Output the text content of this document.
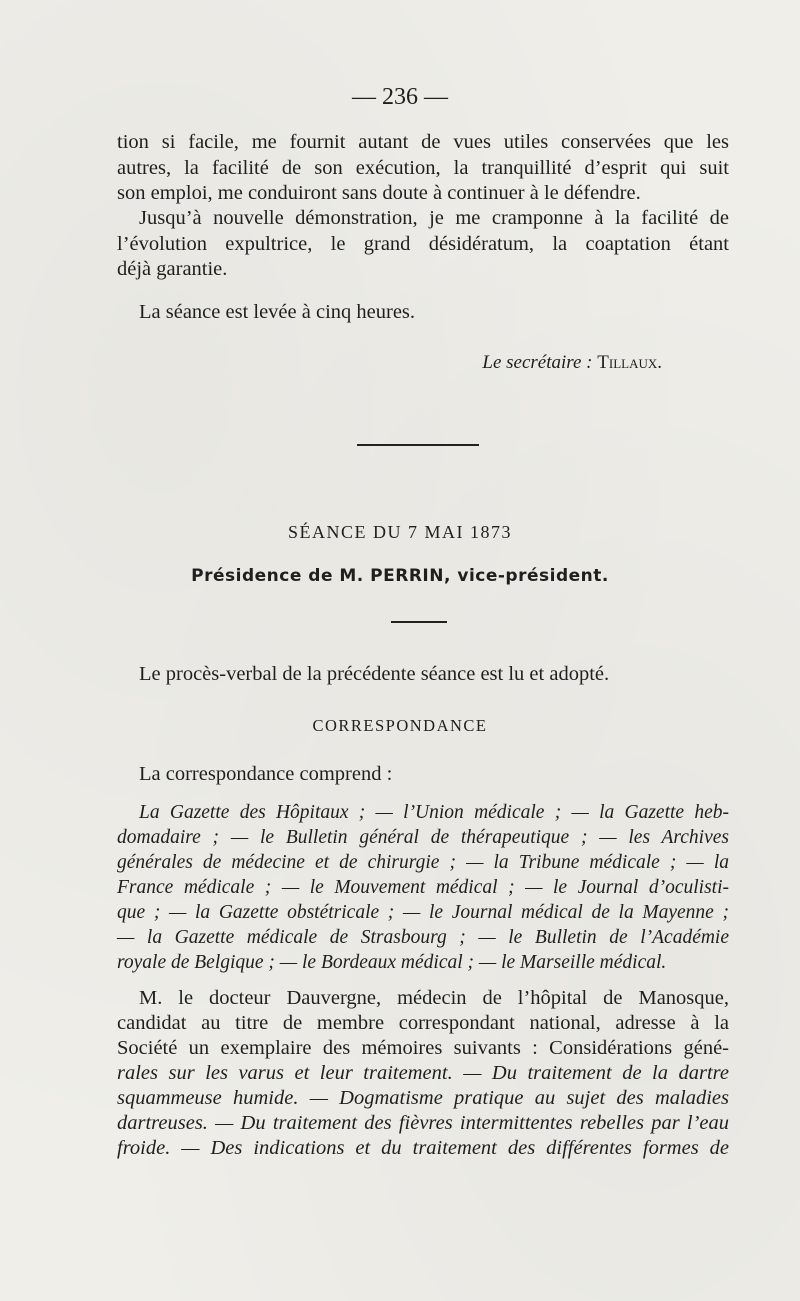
— 236 —
tion si facile, me fournit autant de vues utiles conservées que les
autres, la facilité de son exécution, la tranquillité d’esprit qui suit
son emploi, me conduiront sans doute à continuer à le défendre.
Jusqu’à nouvelle démonstration, je me cramponne à la facilité de
l’évolution expultrice, le grand désidératum, la coaptation étant
déjà garantie.
La séance est levée à cinq heures.
Le secrétaire : Tillaux.
SÉANCE DU 7 MAI 1873
Présidence de M. PERRIN, vice-président.
Le procès-verbal de la précédente séance est lu et adopté.
CORRESPONDANCE
La correspondance comprend :
La Gazette des Hôpitaux ; — l’Union médicale ; — la Gazette heb-
domadaire ; — le Bulletin général de thérapeutique ; — les Archives
générales de médecine et de chirurgie ; — la Tribune médicale ; — la
France médicale ; — le Mouvement médical ; — le Journal d’oculisti-
que ; — la Gazette obstétricale ; — le Journal médical de la Mayenne ;
— la Gazette médicale de Strasbourg ; — le Bulletin de l’Académie
royale de Belgique ; — le Bordeaux médical ; — le Marseille médical.
M. le docteur Dauvergne, médecin de l’hôpital de Manosque,
candidat au titre de membre correspondant national, adresse à la
Société un exemplaire des mémoires suivants : Considérations géné-
rales sur les varus et leur traitement. — Du traitement de la dartre
squammeuse humide. — Dogmatisme pratique au sujet des maladies
dartreuses. — Du traitement des fièvres intermittentes rebelles par l’eau
froide. — Des indications et du traitement des différentes formes de
